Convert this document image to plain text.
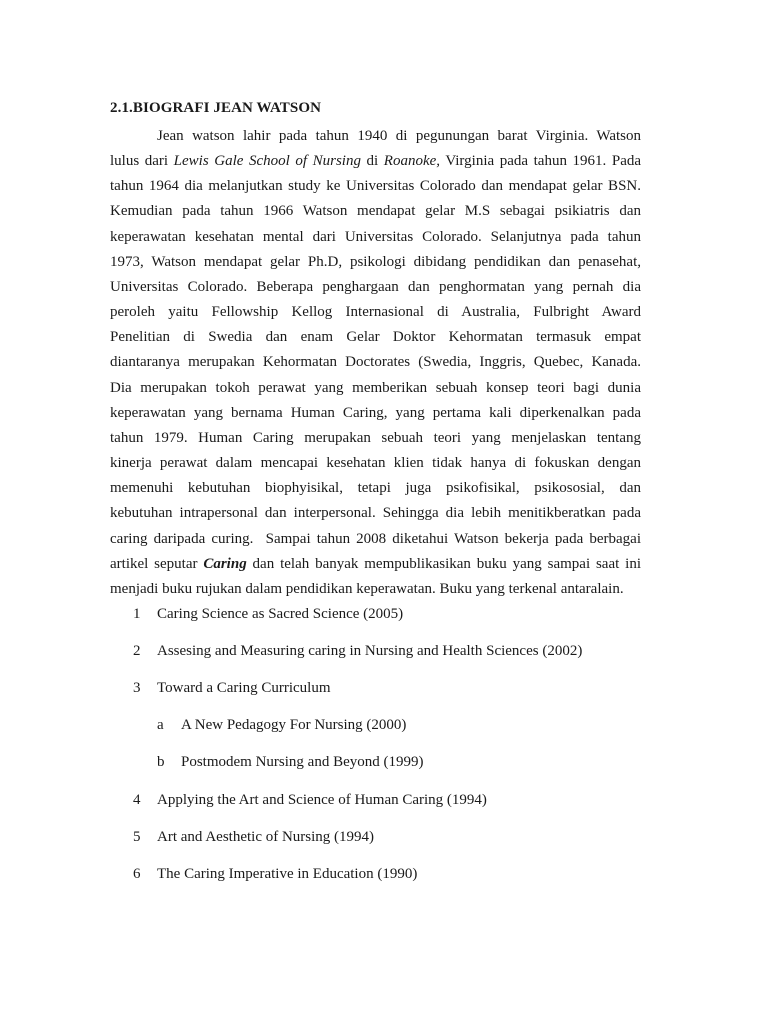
2.1.BIOGRAFI JEAN WATSON
Jean watson lahir pada tahun 1940 di pegunungan barat Virginia. Watson
lulus dari Lewis Gale School of Nursing di Roanoke, Virginia pada tahun 1961. Pada
tahun 1964 dia melanjutkan study ke Universitas Colorado dan mendapat gelar BSN.
Kemudian pada tahun 1966 Watson mendapat gelar M.S sebagai psikiatris dan
keperawatan kesehatan mental dari Universitas Colorado. Selanjutnya pada tahun
1973, Watson mendapat gelar Ph.D, psikologi dibidang pendidikan dan penasehat,
Universitas Colorado. Beberapa penghargaan dan penghormatan yang pernah dia
peroleh yaitu Fellowship Kellog Internasional di Australia, Fulbright Award
Penelitian di Swedia dan enam Gelar Doktor Kehormatan termasuk empat
diantaranya merupakan Kehormatan Doctorates (Swedia, Inggris, Quebec, Kanada.
Dia merupakan tokoh perawat yang memberikan sebuah konsep teori bagi dunia
keperawatan yang bernama Human Caring, yang pertama kali diperkenalkan pada
tahun 1979. Human Caring merupakan sebuah teori yang menjelaskan tentang
kinerja perawat dalam mencapai kesehatan klien tidak hanya di fokuskan dengan
memenuhi kebutuhan biophyisikal, tetapi juga psikofisikal, psikososial, dan
kebutuhan intrapersonal dan interpersonal. Sehingga dia lebih menitikberatkan pada
caring daripada curing.  Sampai tahun 2008 diketahui Watson bekerja pada berbagai
artikel seputar Caring dan telah banyak mempublikasikan buku yang sampai saat ini
menjadi buku rujukan dalam pendidikan keperawatan. Buku yang terkenal antaralain.
1	Caring Science as Sacred Science (2005)
2	Assesing and Measuring caring in Nursing and Health Sciences (2002)
3	Toward a Caring Curriculum
a	A New Pedagogy For Nursing (2000)
b	Postmodem Nursing and Beyond (1999)
4	Applying the Art and Science of Human Caring (1994)
5	Art and Aesthetic of Nursing (1994)
6	The Caring Imperative in Education (1990)
